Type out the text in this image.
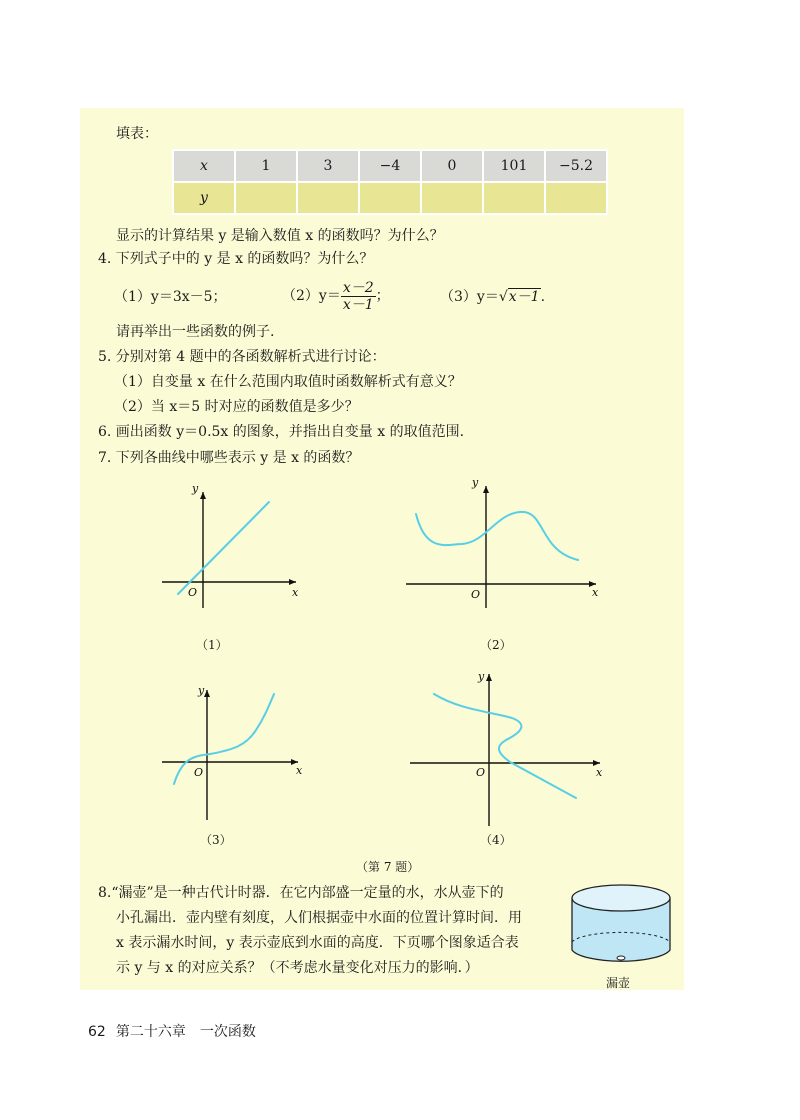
填表：
x	1	3	−4	0	101	−5.2
y						
显示的计算结果 y 是输入数值 x 的函数吗？为什么？
4. 下列式子中的 y 是 x 的函数吗？为什么？
（1）y＝3x－5；	$(2)y= \frac{x-2}{x-1}$ ；	（3）y＝√x－1.
请再举出一些函数的例子.
5. 分别对第 4 题中的各函数解析式进行讨论：
（1）自变量 x 在什么范围内取值时函数解析式有意义？
（2）当 x＝5 时对应的函数值是多少？
6. 画出函数 y＝0.5x 的图象，并指出自变量 x 的取值范围.
7. 下列各曲线中哪些表示 y 是 x 的函数？
y
x
O
（1）
y
x
O
（2）
y
x
O
（3）
y
x
O
（4）
（第 7 题）
8.“漏壶”是一种古代计时器．在它内部盛一定量的水，水从壶下的
小孔漏出．壶内壁有刻度，人们根据壶中水面的位置计算时间．用
x 表示漏水时间，y 表示壶底到水面的高度．下页哪个图象适合表
示 y 与 x 的对应关系？（不考虑水量变化对压力的影响．）
漏壶
62 第二十六章　一次函数
